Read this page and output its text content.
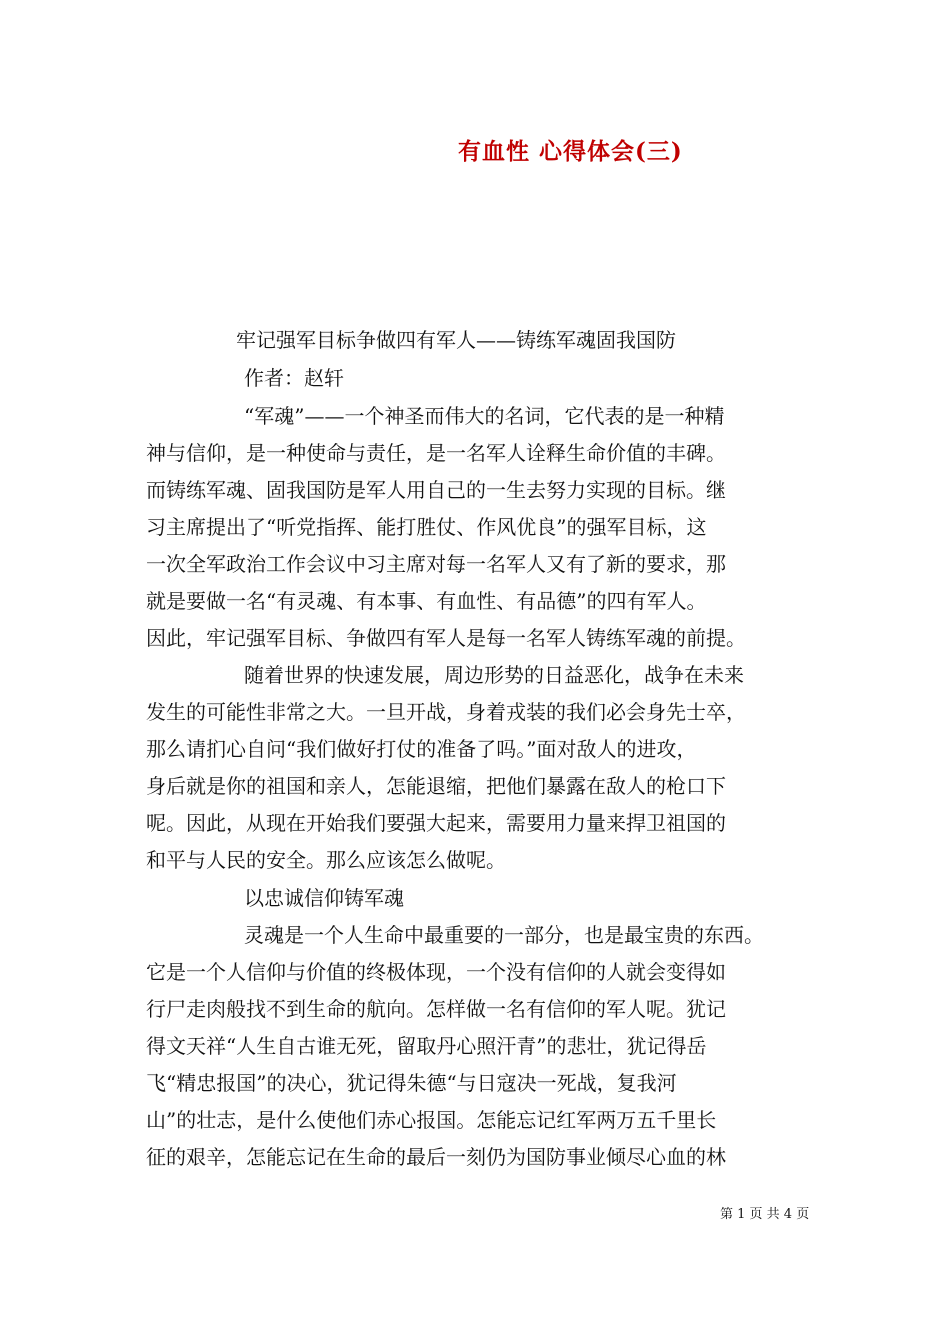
有血性 心得体会(三)
牢记强军目标争做四有军人——铸练军魂固我国防
作者：赵轩
“军魂”——一个神圣而伟大的名词，它代表的是一种精
神与信仰，是一种使命与责任，是一名军人诠释生命价值的丰碑。
而铸练军魂、固我国防是军人用自己的一生去努力实现的目标。继
习主席提出了“听党指挥、能打胜仗、作风优良”的强军目标，这
一次全军政治工作会议中习主席对每一名军人又有了新的要求，那
就是要做一名“有灵魂、有本事、有血性、有品德”的四有军人。
因此，牢记强军目标、争做四有军人是每一名军人铸练军魂的前提。
随着世界的快速发展，周边形势的日益恶化，战争在未来
发生的可能性非常之大。一旦开战，身着戎装的我们必会身先士卒，
那么请扪心自问“我们做好打仗的准备了吗。”面对敌人的进攻，
身后就是你的祖国和亲人，怎能退缩，把他们暴露在敌人的枪口下
呢。因此，从现在开始我们要强大起来，需要用力量来捍卫祖国的
和平与人民的安全。那么应该怎么做呢。
以忠诚信仰铸军魂
灵魂是一个人生命中最重要的一部分，也是最宝贵的东西。
它是一个人信仰与价值的终极体现，一个没有信仰的人就会变得如
行尸走肉般找不到生命的航向。怎样做一名有信仰的军人呢。犹记
得文天祥“人生自古谁无死，留取丹心照汗青”的悲壮，犹记得岳
飞“精忠报国”的决心，犹记得朱德“与日寇决一死战，复我河
山”的壮志，是什么使他们赤心报国。怎能忘记红军两万五千里长
征的艰辛，怎能忘记在生命的最后一刻仍为国防事业倾尽心血的林
第 1 页 共 4 页
